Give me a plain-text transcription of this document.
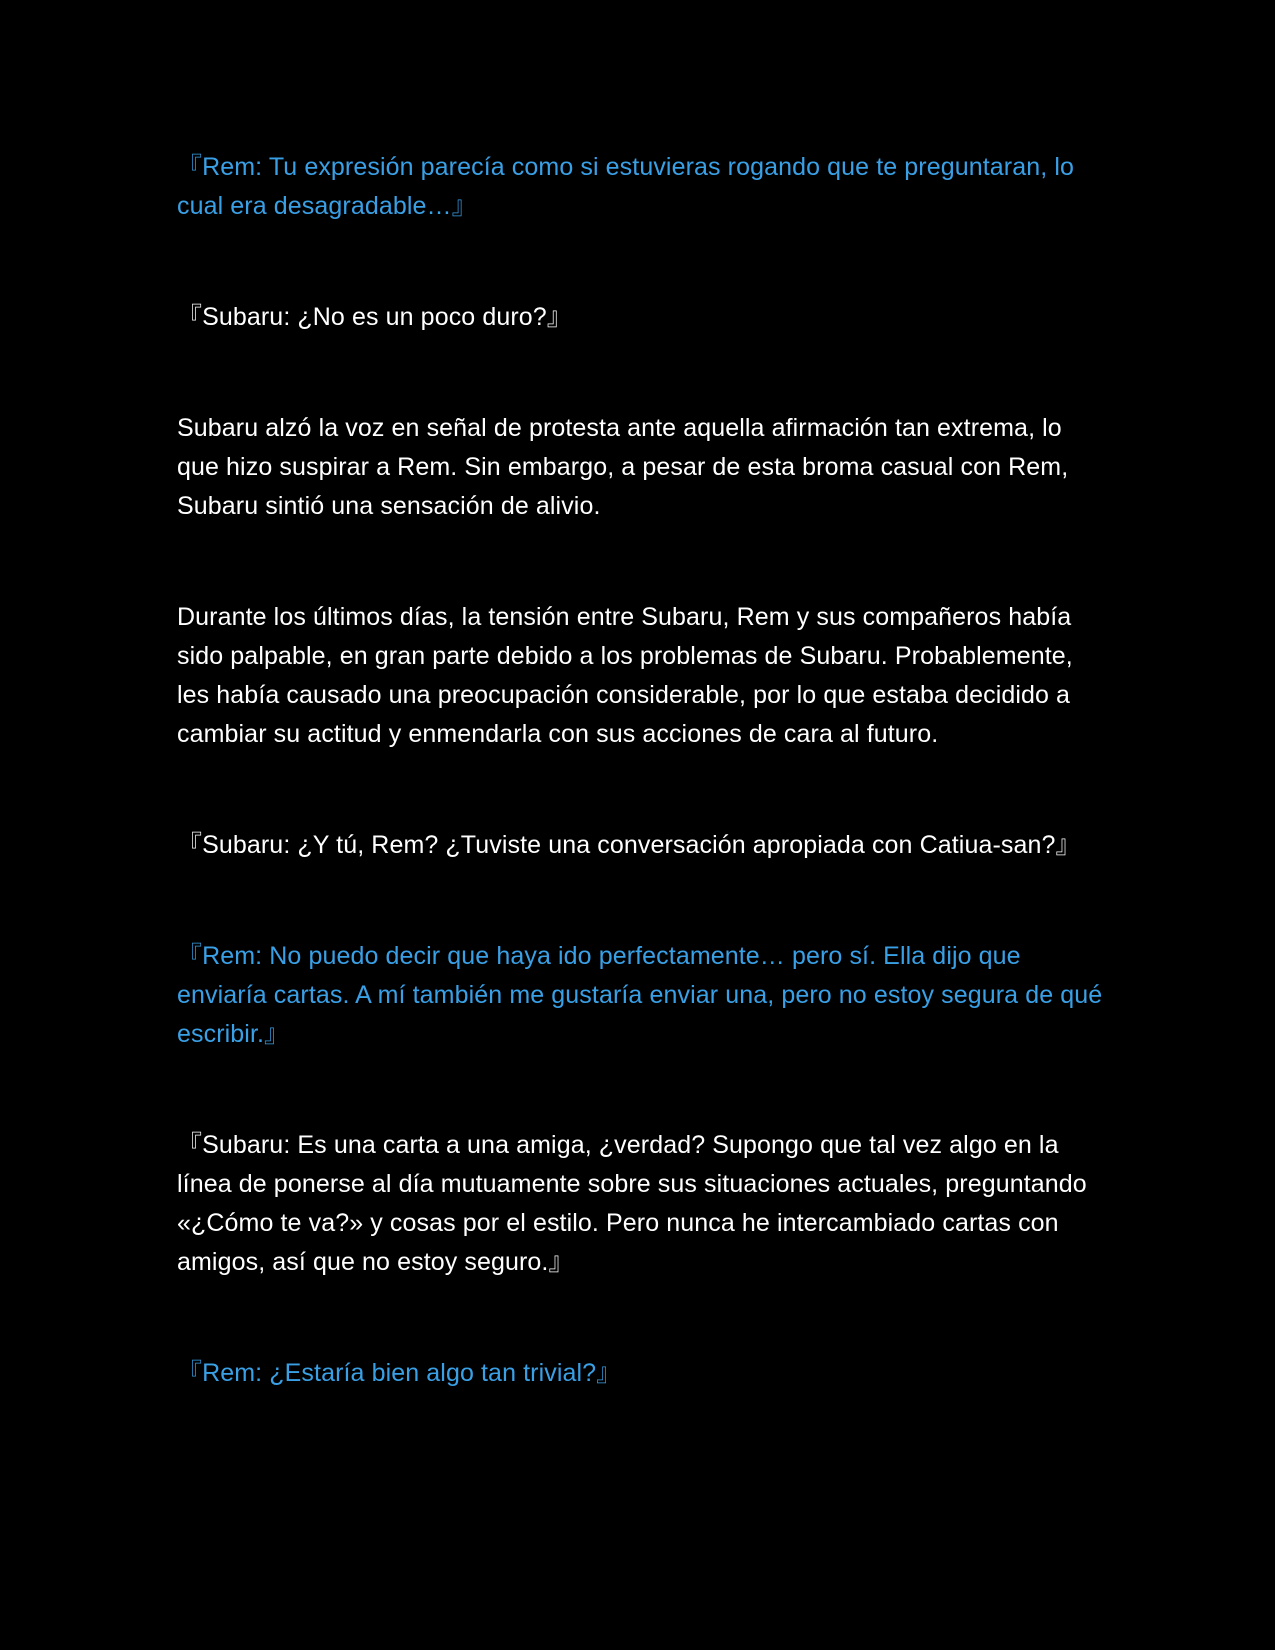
『Rem: Tu expresión parecía como si estuvieras rogando que te preguntaran, lo cual era desagradable…』

『Subaru: ¿No es un poco duro?』

Subaru alzó la voz en señal de protesta ante aquella afirmación tan extrema, lo que hizo suspirar a Rem. Sin embargo, a pesar de esta broma casual con Rem, Subaru sintió una sensación de alivio.

Durante los últimos días, la tensión entre Subaru, Rem y sus compañeros había sido palpable, en gran parte debido a los problemas de Subaru. Probablemente, les había causado una preocupación considerable, por lo que estaba decidido a cambiar su actitud y enmendarla con sus acciones de cara al futuro.

『Subaru: ¿Y tú, Rem? ¿Tuviste una conversación apropiada con Catiua-san?』

『Rem: No puedo decir que haya ido perfectamente… pero sí. Ella dijo que enviaría cartas. A mí también me gustaría enviar una, pero no estoy segura de qué escribir.』

『Subaru: Es una carta a una amiga, ¿verdad? Supongo que tal vez algo en la línea de ponerse al día mutuamente sobre sus situaciones actuales, preguntando «¿Cómo te va?» y cosas por el estilo. Pero nunca he intercambiado cartas con amigos, así que no estoy seguro.』

『Rem: ¿Estaría bien algo tan trivial?』
